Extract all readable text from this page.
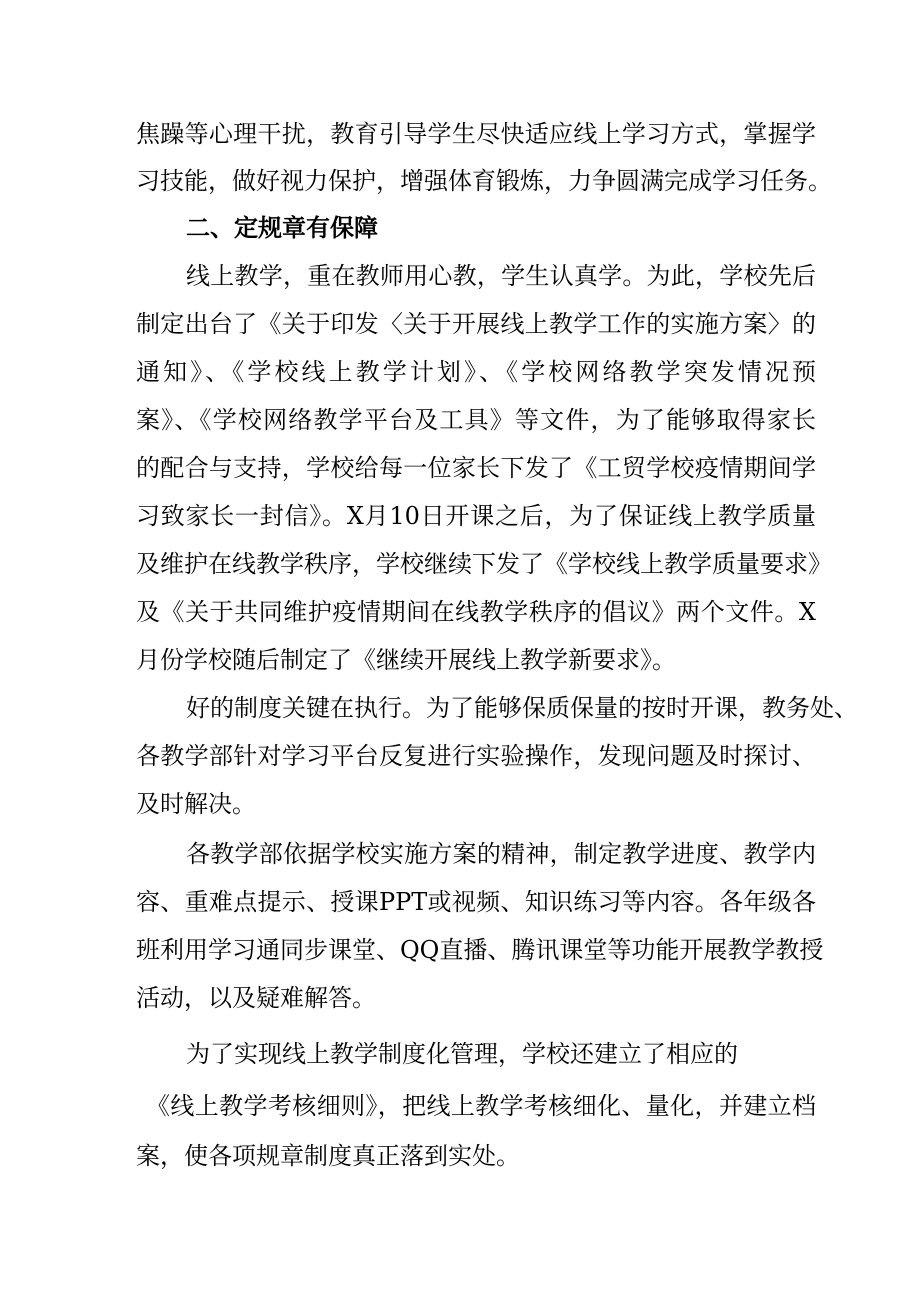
焦躁等心理干扰，教育引导学生尽快适应线上学习方式，掌握学
习技能，做好视力保护，增强体育锻炼，力争圆满完成学习任务。
二、定规章有保障
线上教学，重在教师用心教，学生认真学。为此，学校先后
制定出台了《关于印发〈关于开展线上教学工作的实施方案〉的
通知》、《学校线上教学计划》、《学校网络教学突发情况预
案》、《学校网络教学平台及工具》等文件，为了能够取得家长
的配合与支持，学校给每一位家长下发了《工贸学校疫情期间学
习致家长一封信》。X月10日开课之后，为了保证线上教学质量
及维护在线教学秩序，学校继续下发了《学校线上教学质量要求》
及《关于共同维护疫情期间在线教学秩序的倡议》两个文件。X
月份学校随后制定了《继续开展线上教学新要求》。
好的制度关键在执行。为了能够保质保量的按时开课，教务处、
各教学部针对学习平台反复进行实验操作，发现问题及时探讨、
及时解决。
各教学部依据学校实施方案的精神，制定教学进度、教学内
容、重难点提示、授课PPT或视频、知识练习等内容。各年级各
班利用学习通同步课堂、QQ直播、腾讯课堂等功能开展教学教授
活动，以及疑难解答。
为了实现线上教学制度化管理，学校还建立了相应的
《线上教学考核细则》，把线上教学考核细化、量化，并建立档
案，使各项规章制度真正落到实处。
